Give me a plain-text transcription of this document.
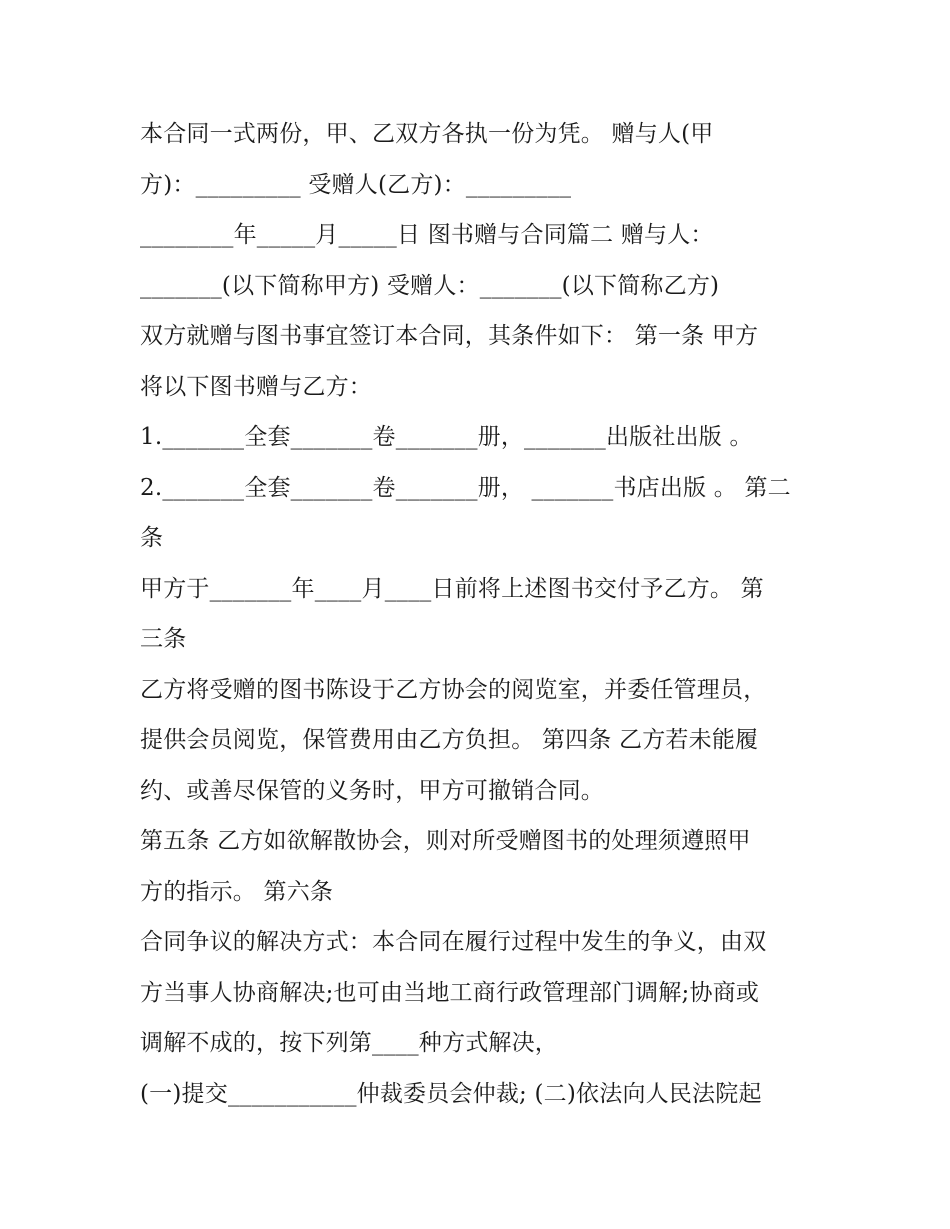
本合同一式两份，甲、乙双方各执一份为凭。 赠与人(甲
方)：_________ 受赠人(乙方)：_________
________年_____月_____日 图书赠与合同篇二 赠与人：
_______(以下简称甲方) 受赠人：_______(以下简称乙方)
双方就赠与图书事宜签订本合同，其条件如下： 第一条 甲方
将以下图书赠与乙方：
1._______全套_______卷_______册，_______出版社出版 。
2._______全套_______卷_______册， _______书店出版 。 第二
条
甲方于_______年____月____日前将上述图书交付予乙方。 第
三条
乙方将受赠的图书陈设于乙方协会的阅览室，并委任管理员，
提供会员阅览，保管费用由乙方负担。 第四条 乙方若未能履
约、或善尽保管的义务时，甲方可撤销合同。
第五条 乙方如欲解散协会，则对所受赠图书的处理须遵照甲
方的指示。 第六条
合同争议的解决方式：本合同在履行过程中发生的争义，由双
方当事人协商解决;也可由当地工商行政管理部门调解;协商或
调解不成的，按下列第____种方式解决，
(一)提交___________仲裁委员会仲裁; (二)依法向人民法院起
